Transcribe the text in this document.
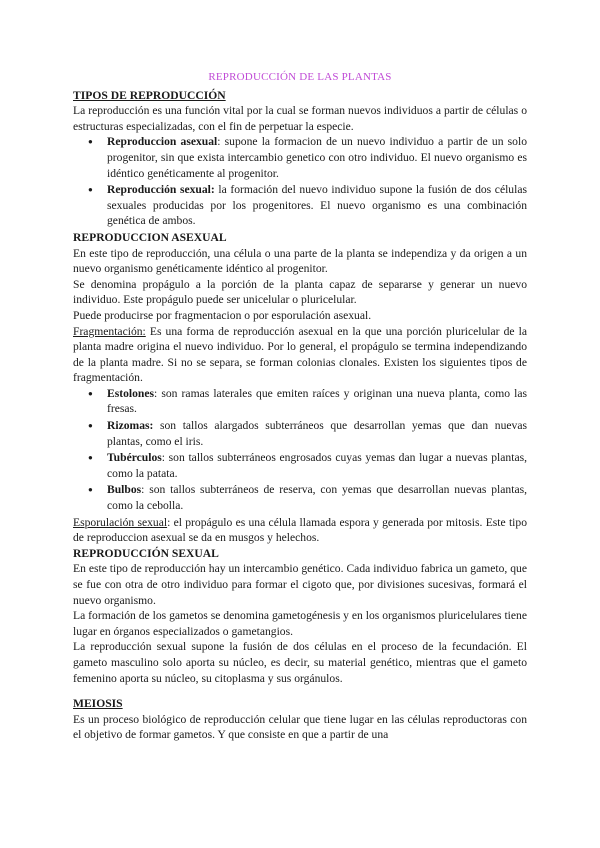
REPRODUCCIÓN DE LAS PLANTAS
TIPOS DE REPRODUCCIÓN

La reproducción es una función vital por la cual se forman nuevos individuos a partir de células o estructuras especializadas, con el fin de perpetuar la especie.

● Reproduccion asexual: supone la formacion de un nuevo individuo a partir de un solo progenitor, sin que exista intercambio genetico con otro individuo. El nuevo organismo es idéntico genéticamente al progenitor.
● Reproducción sexual: la formación del nuevo individuo supone la fusión de dos células sexuales producidas por los progenitores. El nuevo organismo es una combinación genética de ambos.
REPRODUCCION ASEXUAL

En este tipo de reproducción, una célula o una parte de la planta se independiza y da origen a un nuevo organismo genéticamente idéntico al progenitor.

Se denomina propágulo a la porción de la planta capaz de separarse y generar un nuevo individuo. Este propágulo puede ser unicelular o pluricelular.

Puede producirse por fragmentacion o por esporulación asexual.

Fragmentación: Es una forma de reproducción asexual en la que una porción pluricelular de la planta madre origina el nuevo individuo. Por lo general, el propágulo se termina independizando de la planta madre. Si no se separa, se forman colonias clonales. Existen los siguientes tipos de fragmentación.

● Estolones: son ramas laterales que emiten raíces y originan una nueva planta, como las fresas.
● Rizomas: son tallos alargados subterráneos que desarrollan yemas que dan nuevas plantas, como el iris.
● Tubérculos: son tallos subterráneos engrosados cuyas yemas dan lugar a nuevas plantas, como la patata.
● Bulbos: son tallos subterráneos de reserva, con yemas que desarrollan nuevas plantas, como la cebolla.

Esporulación sexual: el propágulo es una célula llamada espora y generada por mitosis. Este tipo de reproduccion asexual se da en musgos y helechos.

REPRODUCCIÓN SEXUAL

En este tipo de reproducción hay un intercambio genético. Cada individuo fabrica un gameto, que se fue con otra de otro individuo para formar el cigoto que, por divisiones sucesivas, formará el nuevo organismo.

La formación de los gametos se denomina gametogénesis y en los organismos pluricelulares tiene lugar en órganos especializados o gametangios.

La reproducción sexual supone la fusión de dos células en el proceso de la fecundación. El gameto masculino solo aporta su núcleo, es decir, su material genético, mientras que el gameto femenino aporta su núcleo, su citoplasma y sus orgánulos.

MEIOSIS

Es un proceso biológico de reproducción celular que tiene lugar en las células reproductoras con el objetivo de formar gametos. Y que consiste en que a partir de una
